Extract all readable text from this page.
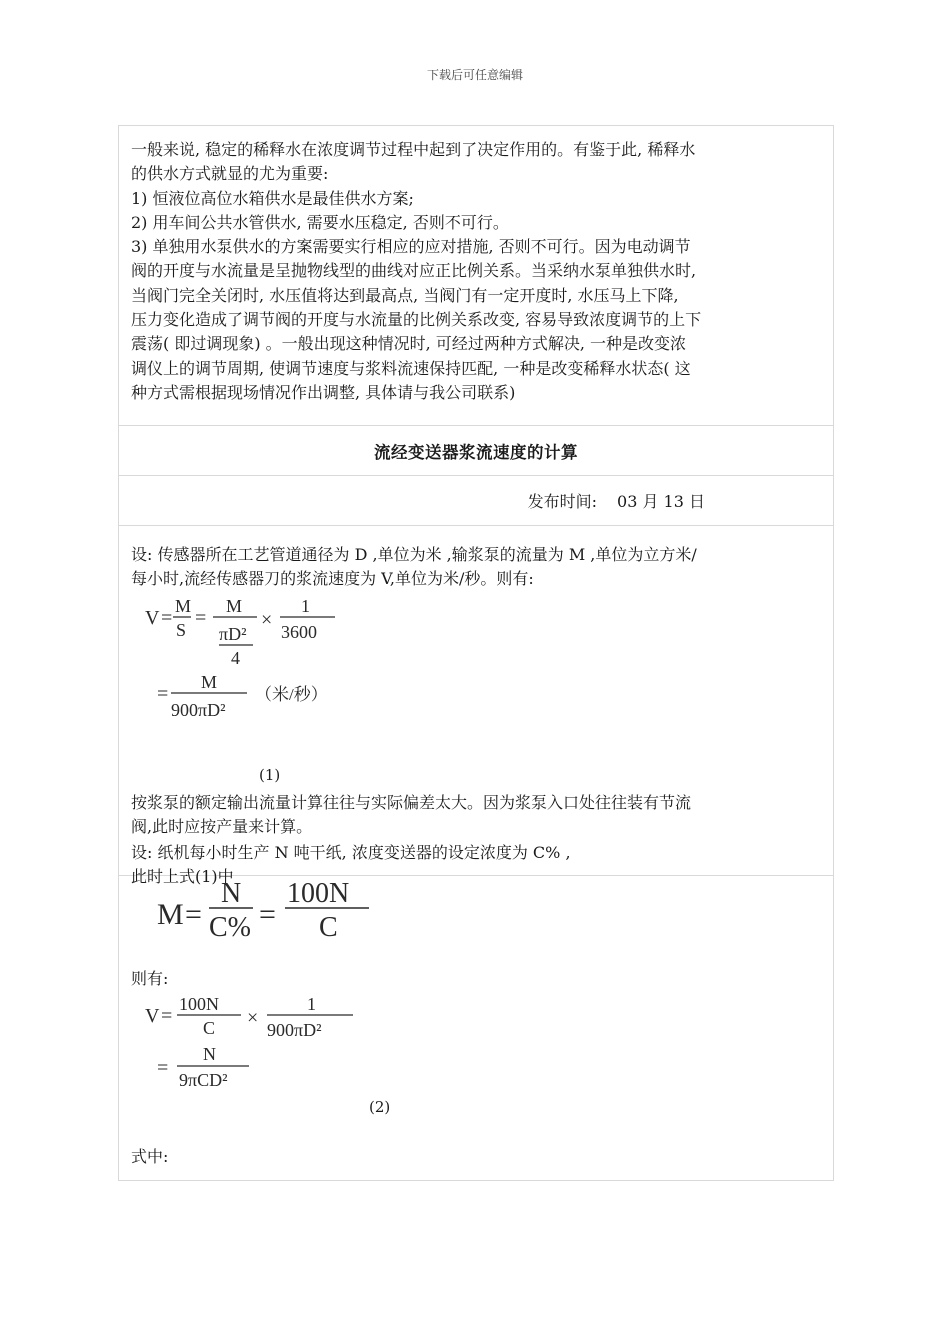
下载后可任意编辑

一般来说, 稳定的稀释水在浓度调节过程中起到了决定作用的。有鉴于此, 稀释水

的供水方式就显的尤为重要:

1) 恒液位高位水箱供水是最佳供水方案;

2) 用车间公共水管供水, 需要水压稳定, 否则不可行。

3) 单独用水泵供水的方案需要实行相应的应对措施, 否则不可行。因为电动调节

阀的开度与水流量是呈抛物线型的曲线对应正比例关系。当采纳水泵单独供水时,

当阀门完全关闭时, 水压值将达到最高点, 当阀门有一定开度时, 水压马上下降,

压力变化造成了调节阀的开度与水流量的比例关系改变, 容易导致浓度调节的上下

震荡( 即过调现象) 。一般出现这种情况时, 可经过两种方式解决, 一种是改变浓

调仪上的调节周期, 使调节速度与浆料流速保持匹配, 一种是改变稀释水状态( 这

种方式需根据现场情况作出调整, 具体请与我公司联系)

流经变送器浆流速度的计算
发布时间: 03 月 13 日
设: 传感器所在工艺管道通径为 D ,单位为米 ,输浆泵的流量为 M ,单位为立方米/
每小时,流经传感器刀的浆流速度为 V,单位为米/秒。则有:
V =
M
S
=
M
πD²
4
×
1
3600
=
M
900πD²
（米/秒）
(1)
按浆泵的额定输出流量计算往往与实际偏差太大。因为浆泵入口处往往装有节流
阀,此时应按产量来计算。
设: 纸机每小时生产 N 吨干纸, 浓度变送器的设定浓度为 C% ,
此时上式(1)中
M =
N
C% =
100N
C
则有:
V =
100N
C ×
1
900πD²
=
N
9πCD²
(2)
式中:
